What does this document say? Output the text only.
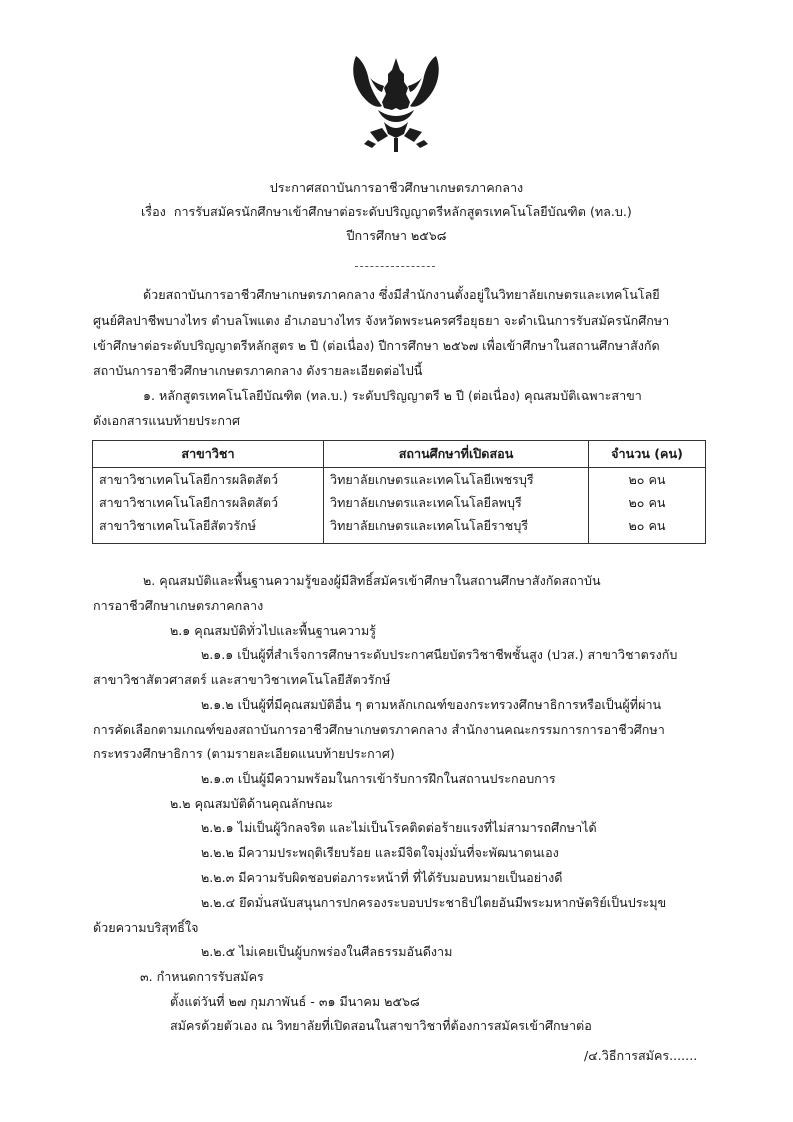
ประกาศสถาบันการอาชีวศึกษาเกษตรภาคกลาง
เรื่อง การรับสมัครนักศึกษาเข้าศึกษาต่อระดับปริญญาตรีหลักสูตรเทคโนโลยีบัณฑิต (ทล.บ.)
ปีการศึกษา ๒๕๖๘
ด้วยสถาบันการอาชีวศึกษาเกษตรภาคกลาง ซึ่งมีสำนักงานตั้งอยู่ในวิทยาลัยเกษตรและเทคโนโลยี
ศูนย์ศิลปาชีพบางไทร ตำบลโพแตง อำเภอบางไทร จังหวัดพระนครศรีอยุธยา จะดำเนินการรับสมัครนักศึกษา
เข้าศึกษาต่อระดับปริญญาตรีหลักสูตร ๒ ปี (ต่อเนื่อง) ปีการศึกษา ๒๕๖๗ เพื่อเข้าศึกษาในสถานศึกษาสังกัด
สถาบันการอาชีวศึกษาเกษตรภาคกลาง ดังรายละเอียดต่อไปนี้
๑. หลักสูตรเทคโนโลยีบัณฑิต (ทล.บ.) ระดับปริญญาตรี ๒ ปี (ต่อเนื่อง) คุณสมบัติเฉพาะสาขา
ดังเอกสารแนบท้ายประกาศ
สาขาวิชา	สถานศึกษาที่เปิดสอน	จำนวน (คน)
สาขาวิชาเทคโนโลยีการผลิตสัตว์	วิทยาลัยเกษตรและเทคโนโลยีเพชรบุรี	๒๐ คน
สาขาวิชาเทคโนโลยีการผลิตสัตว์	วิทยาลัยเกษตรและเทคโนโลยีลพบุรี	๒๐ คน
สาขาวิชาเทคโนโลยีสัตวรักษ์	วิทยาลัยเกษตรและเทคโนโลยีราชบุรี	๒๐ คน
๒. คุณสมบัติและพื้นฐานความรู้ของผู้มีสิทธิ์สมัครเข้าศึกษาในสถานศึกษาสังกัดสถาบัน
การอาชีวศึกษาเกษตรภาคกลาง
๒.๑ คุณสมบัติทั่วไปและพื้นฐานความรู้
๒.๑.๑ เป็นผู้ที่สำเร็จการศึกษาระดับประกาศนียบัตรวิชาชีพชั้นสูง (ปวส.) สาขาวิชาตรงกับ
สาขาวิชาสัตวศาสตร์ และสาขาวิชาเทคโนโลยีสัตวรักษ์
๒.๑.๒ เป็นผู้ที่มีคุณสมบัติอื่น ๆ ตามหลักเกณฑ์ของกระทรวงศึกษาธิการหรือเป็นผู้ที่ผ่าน
การคัดเลือกตามเกณฑ์ของสถาบันการอาชีวศึกษาเกษตรภาคกลาง สำนักงานคณะกรรมการการอาชีวศึกษา
กระทรวงศึกษาธิการ (ตามรายละเอียดแนบท้ายประกาศ)
๒.๑.๓ เป็นผู้มีความพร้อมในการเข้ารับการฝึกในสถานประกอบการ
๒.๒ คุณสมบัติด้านคุณลักษณะ
๒.๒.๑ ไม่เป็นผู้วิกลจริต และไม่เป็นโรคติดต่อร้ายแรงที่ไม่สามารถศึกษาได้
๒.๒.๒ มีความประพฤติเรียบร้อย และมีจิตใจมุ่งมั่นที่จะพัฒนาตนเอง
๒.๒.๓ มีความรับผิดชอบต่อภาระหน้าที่ ที่ได้รับมอบหมายเป็นอย่างดี
๒.๒.๔ ยึดมั่นสนับสนุนการปกครองระบอบประชาธิปไตยอันมีพระมหากษัตริย์เป็นประมุข
ด้วยความบริสุทธิ์ใจ
๒.๒.๕ ไม่เคยเป็นผู้บกพร่องในศีลธรรมอันดีงาม
๓. กำหนดการรับสมัคร
ตั้งแต่วันที่ ๒๗ กุมภาพันธ์ - ๓๑ มีนาคม ๒๕๖๘
สมัครด้วยตัวเอง ณ วิทยาลัยที่เปิดสอนในสาขาวิชาที่ต้องการสมัครเข้าศึกษาต่อ
/๔.วิธีการสมัคร.......
